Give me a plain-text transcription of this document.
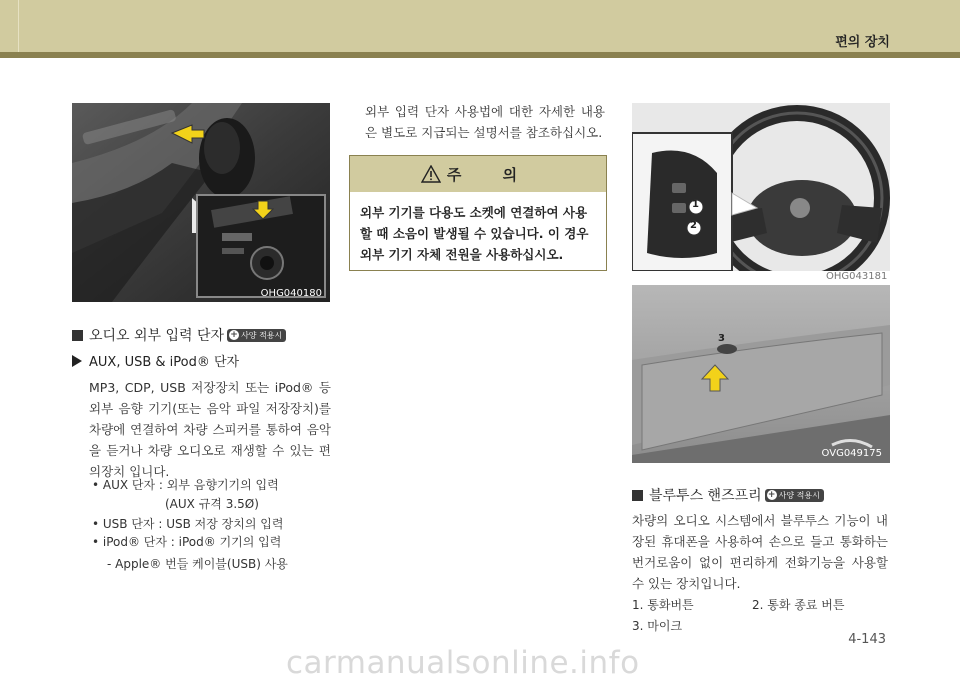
편의 장치
OHG040180
1
2
OHG043181
3
OVG049175
오디오 외부 입력 단자 + 사양 적용시
AUX, USB & iPod® 단자
MP3, CDP, USB 저장장치 또는 iPod® 등 외부 음향 기기(또는 음악 파일 저장장치)를 차량에 연결하여 차량 스피커를 통하여 음악을 듣거나 차량 오디오로 재생할 수 있는 편의장치 입니다.
• AUX 단자 : 외부 음향기기의 입력
(AUX 규격 3.5Ø)
• USB 단자 : USB 저장 장치의 입력
• iPod® 단자 : iPod® 기기의 입력
- Apple® 번들 케이블(USB) 사용
외부 입력 단자 사용법에 대한 자세한 내용은 별도로 지급되는 설명서를 참조하십시오.
주 의
외부 기기를 다용도 소켓에 연결하여 사용할 때 소음이 발생될 수 있습니다. 이 경우 외부 기기 자체 전원을 사용하십시오.
블루투스 핸즈프리 + 사양 적용시
차량의 오디오 시스템에서 블루투스 기능이 내장된 휴대폰을 사용하여 손으로 들고 통화하는 번거로움이 없이 편리하게 전화기능을 사용할 수 있는 장치입니다.
1. 통화버튼	2. 통화 종료 버튼
3. 마이크
4-143
carmanualsonline.info
